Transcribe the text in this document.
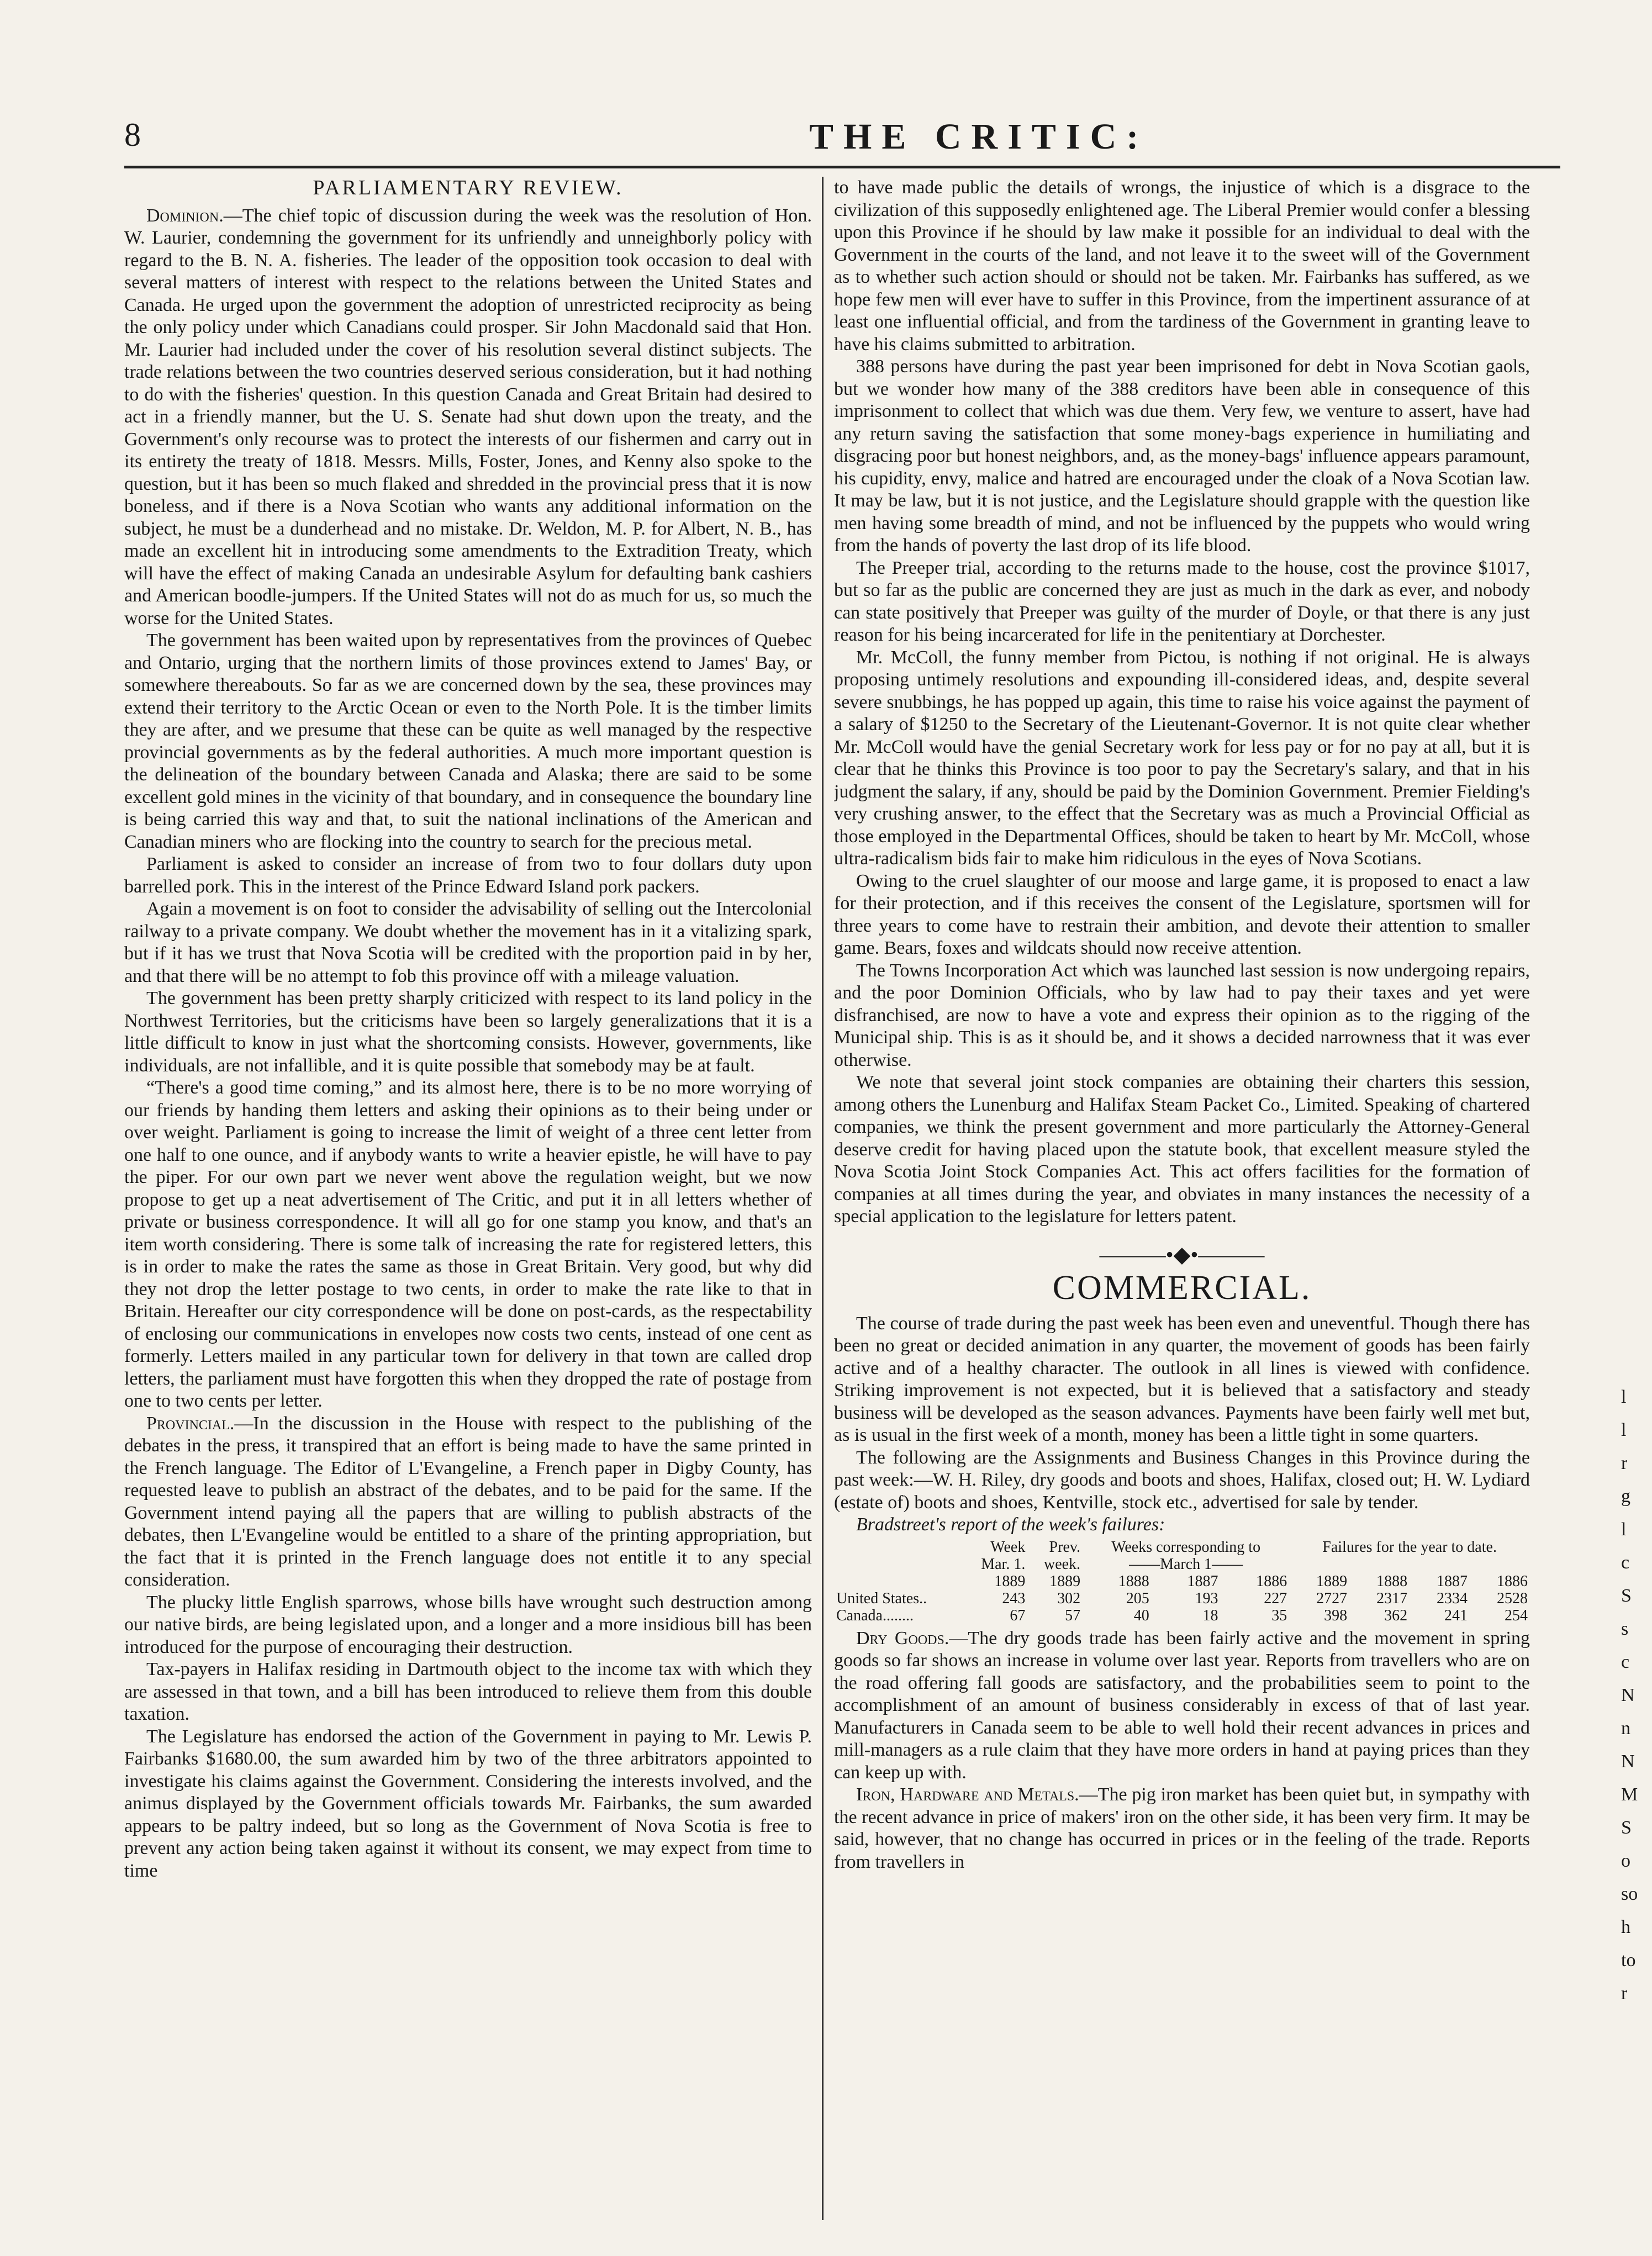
8	THE CRITIC:
PARLIAMENTARY REVIEW.

Dominion.—The chief topic of discussion during the week was the resolution of Hon. W. Laurier, condemning the government for its unfriendly and unneighborly policy with regard to the B. N. A. fisheries. The leader of the opposition took occasion to deal with several matters of interest with respect to the relations between the United States and Canada. He urged upon the government the adoption of unrestricted reciprocity as being the only policy under which Canadians could prosper. Sir John Macdonald said that Hon. Mr. Laurier had included under the cover of his resolution several distinct subjects. The trade relations between the two countries deserved serious consideration, but it had nothing to do with the fisheries' question. In this question Canada and Great Britain had desired to act in a friendly manner, but the U. S. Senate had shut down upon the treaty, and the Government's only recourse was to protect the interests of our fishermen and carry out in its entirety the treaty of 1818. Messrs. Mills, Foster, Jones, and Kenny also spoke to the question, but it has been so much flaked and shredded in the provincial press that it is now boneless, and if there is a Nova Scotian who wants any additional information on the subject, he must be a dunderhead and no mistake. Dr. Weldon, M. P. for Albert, N. B., has made an excellent hit in introducing some amendments to the Extradition Treaty, which will have the effect of making Canada an undesirable Asylum for defaulting bank cashiers and American boodle-jumpers. If the United States will not do as much for us, so much the worse for the United States.

The government has been waited upon by representatives from the provinces of Quebec and Ontario, urging that the northern limits of those provinces extend to James' Bay, or somewhere thereabouts. So far as we are concerned down by the sea, these provinces may extend their territory to the Arctic Ocean or even to the North Pole. It is the timber limits they are after, and we presume that these can be quite as well managed by the respective provincial governments as by the federal authorities. A much more important question is the delineation of the boundary between Canada and Alaska; there are said to be some excellent gold mines in the vicinity of that boundary, and in consequence the boundary line is being carried this way and that, to suit the national inclinations of the American and Canadian miners who are flocking into the country to search for the precious metal.

Parliament is asked to consider an increase of from two to four dollars duty upon barrelled pork. This in the interest of the Prince Edward Island pork packers.

Again a movement is on foot to consider the advisability of selling out the Intercolonial railway to a private company. We doubt whether the movement has in it a vitalizing spark, but if it has we trust that Nova Scotia will be credited with the proportion paid in by her, and that there will be no attempt to fob this province off with a mileage valuation.

The government has been pretty sharply criticized with respect to its land policy in the Northwest Territories, but the criticisms have been so largely generalizations that it is a little difficult to know in just what the shortcoming consists. However, governments, like individuals, are not infallible, and it is quite possible that somebody may be at fault.

“There's a good time coming,” and its almost here, there is to be no more worrying of our friends by handing them letters and asking their opinions as to their being under or over weight. Parliament is going to increase the limit of weight of a three cent letter from one half to one ounce, and if anybody wants to write a heavier epistle, he will have to pay the piper. For our own part we never went above the regulation weight, but we now propose to get up a neat advertisement of The Critic, and put it in all letters whether of private or business correspondence. It will all go for one stamp you know, and that's an item worth considering. There is some talk of increasing the rate for registered letters, this is in order to make the rates the same as those in Great Britain. Very good, but why did they not drop the letter postage to two cents, in order to make the rate like to that in Britain. Hereafter our city correspondence will be done on post-cards, as the respectability of enclosing our communications in envelopes now costs two cents, instead of one cent as formerly. Letters mailed in any particular town for delivery in that town are called drop letters, the parliament must have forgotten this when they dropped the rate of postage from one to two cents per letter.

Provincial.—In the discussion in the House with respect to the publishing of the debates in the press, it transpired that an effort is being made to have the same printed in the French language. The Editor of L'Evangeline, a French paper in Digby County, has requested leave to publish an abstract of the debates, and to be paid for the same. If the Government intend paying all the papers that are willing to publish abstracts of the debates, then L'Evangeline would be entitled to a share of the printing appropriation, but the fact that it is printed in the French language does not entitle it to any special consideration.

The plucky little English sparrows, whose bills have wrought such destruction among our native birds, are being legislated upon, and a longer and a more insidious bill has been introduced for the purpose of encouraging their destruction.

Tax-payers in Halifax residing in Dartmouth object to the income tax with which they are assessed in that town, and a bill has been introduced to relieve them from this double taxation.

The Legislature has endorsed the action of the Government in paying to Mr. Lewis P. Fairbanks $1680.00, the sum awarded him by two of the three arbitrators appointed to investigate his claims against the Government. Considering the interests involved, and the animus displayed by the Government officials towards Mr. Fairbanks, the sum awarded appears to be paltry indeed, but so long as the Government of Nova Scotia is free to prevent any action being taken against it without its consent, we may expect from time to time

to have made public the details of wrongs, the injustice of which is a disgrace to the civilization of this supposedly enlightened age. The Liberal Premier would confer a blessing upon this Province if he should by law make it possible for an individual to deal with the Government in the courts of the land, and not leave it to the sweet will of the Government as to whether such action should or should not be taken. Mr. Fairbanks has suffered, as we hope few men will ever have to suffer in this Province, from the impertinent assurance of at least one influential official, and from the tardiness of the Government in granting leave to have his claims submitted to arbitration.

388 persons have during the past year been imprisoned for debt in Nova Scotian gaols, but we wonder how many of the 388 creditors have been able in consequence of this imprisonment to collect that which was due them. Very few, we venture to assert, have had any return saving the satisfaction that some money-bags experience in humiliating and disgracing poor but honest neighbors, and, as the money-bags' influence appears paramount, his cupidity, envy, malice and hatred are encouraged under the cloak of a Nova Scotian law. It may be law, but it is not justice, and the Legislature should grapple with the question like men having some breadth of mind, and not be influenced by the puppets who would wring from the hands of poverty the last drop of its life blood.

The Preeper trial, according to the returns made to the house, cost the province $1017, but so far as the public are concerned they are just as much in the dark as ever, and nobody can state positively that Preeper was guilty of the murder of Doyle, or that there is any just reason for his being incarcerated for life in the penitentiary at Dorchester.

Mr. McColl, the funny member from Pictou, is nothing if not original. He is always proposing untimely resolutions and expounding ill-considered ideas, and, despite several severe snubbings, he has popped up again, this time to raise his voice against the payment of a salary of $1250 to the Secretary of the Lieutenant-Governor. It is not quite clear whether Mr. McColl would have the genial Secretary work for less pay or for no pay at all, but it is clear that he thinks this Province is too poor to pay the Secretary's salary, and that in his judgment the salary, if any, should be paid by the Dominion Government. Premier Fielding's very crushing answer, to the effect that the Secretary was as much a Provincial Official as those employed in the Departmental Offices, should be taken to heart by Mr. McColl, whose ultra-radicalism bids fair to make him ridiculous in the eyes of Nova Scotians.

Owing to the cruel slaughter of our moose and large game, it is proposed to enact a law for their protection, and if this receives the consent of the Legislature, sportsmen will for three years to come have to restrain their ambition, and devote their attention to smaller game. Bears, foxes and wildcats should now receive attention.

The Towns Incorporation Act which was launched last session is now undergoing repairs, and the poor Dominion Officials, who by law had to pay their taxes and yet were disfranchised, are now to have a vote and express their opinion as to the rigging of the Municipal ship. This is as it should be, and it shows a decided narrowness that it was ever otherwise.

We note that several joint stock companies are obtaining their charters this session, among others the Lunenburg and Halifax Steam Packet Co., Limited. Speaking of chartered companies, we think the present government and more particularly the Attorney-General deserve credit for having placed upon the statute book, that excellent measure styled the Nova Scotia Joint Stock Companies Act. This act offers facilities for the formation of companies at all times during the year, and obviates in many instances the necessity of a special application to the legislature for letters patent.

———•◆•———
COMMERCIAL.

The course of trade during the past week has been even and uneventful. Though there has been no great or decided animation in any quarter, the movement of goods has been fairly active and of a healthy character. The outlook in all lines is viewed with confidence. Striking improvement is not expected, but it is believed that a satisfactory and steady business will be developed as the season advances. Payments have been fairly well met but, as is usual in the first week of a month, money has been a little tight in some quarters.

The following are the Assignments and Business Changes in this Province during the past week:—W. H. Riley, dry goods and boots and shoes, Halifax, closed out; H. W. Lydiard (estate of) boots and shoes, Kentville, stock etc., advertised for sale by tender.

Bradstreet's report of the week's failures:

	Week	Prev.	Weeks corresponding to			Failures for the year to date.			
	Mar. 1.	week.	——March 1——						
	1889	1889	1888	1887	1886	1889	1888	1887	1886
United States..	243	302	205	193	227	2727	2317	2334	2528
Canada........	67	57	40	18	35	398	362	241	254

Dry Goods.—The dry goods trade has been fairly active and the movement in spring goods so far shows an increase in volume over last year. Reports from travellers who are on the road offering fall goods are satisfactory, and the probabilities seem to point to the accomplishment of an amount of business considerably in excess of that of last year. Manufacturers in Canada seem to be able to well hold their recent advances in prices and mill-managers as a rule claim that they have more orders in hand at paying prices than they can keep up with.

Iron, Hardware and Metals.—The pig iron market has been quiet but, in sympathy with the recent advance in price of makers' iron on the other side, it has been very firm. It may be said, however, that no change has occurred in prices or in the feeling of the trade. Reports from travellers in

l
l
r
g
l
c
S
s
c
N
n
N
M
S
o
so
h
to
r
